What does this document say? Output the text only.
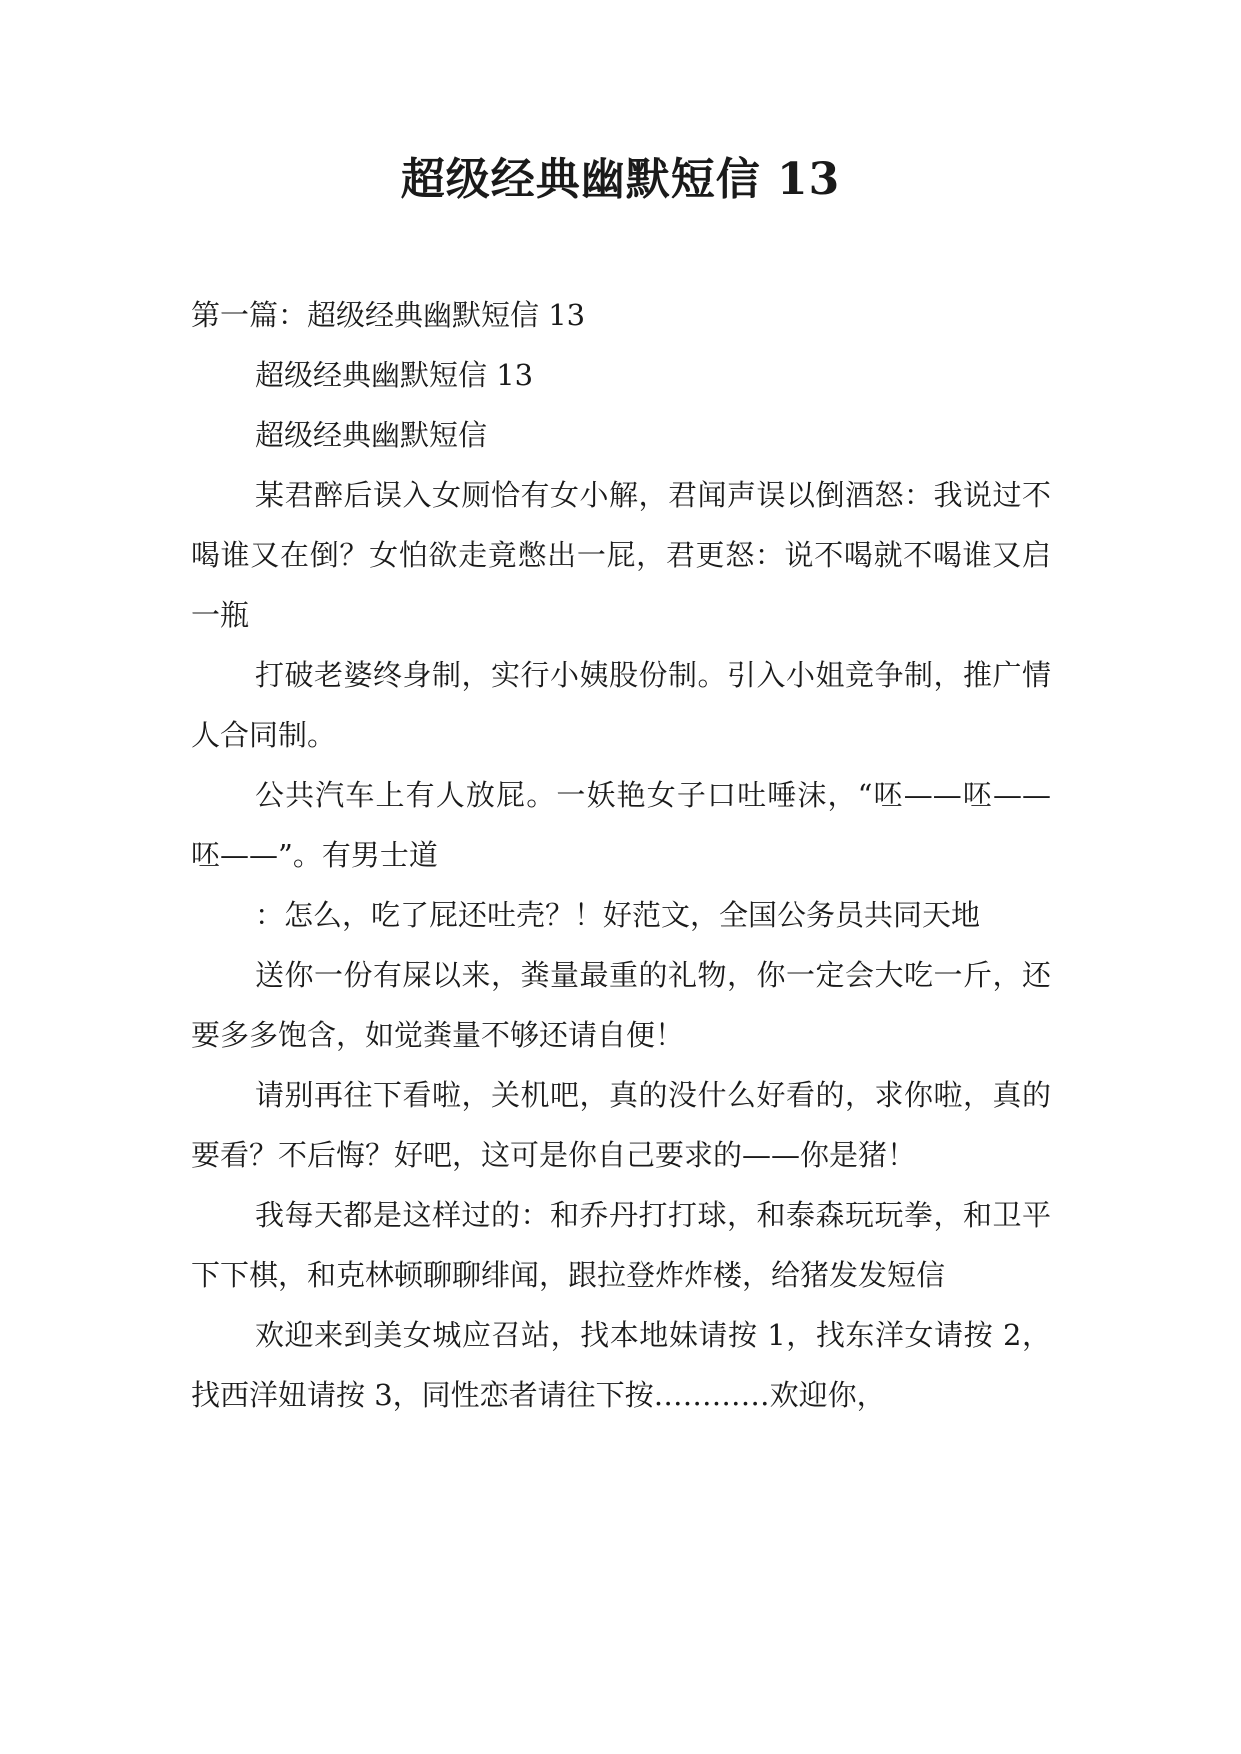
超级经典幽默短信 13

第一篇：超级经典幽默短信 13

超级经典幽默短信 13

超级经典幽默短信

某君醉后误入女厕恰有女小解，君闻声误以倒酒怒：我说过不喝谁又在倒？女怕欲走竟憋出一屁，君更怒：说不喝就不喝谁又启一瓶

打破老婆终身制，实行小姨股份制。引入小姐竞争制，推广情人合同制。

公共汽车上有人放屁。一妖艳女子口吐唾沫，“呸——呸——呸——”。有男士道

：怎么，吃了屁还吐壳？！好范文，全国公务员共同天地

送你一份有屎以来，粪量最重的礼物，你一定会大吃一斤，还要多多饱含，如觉粪量不够还请自便！

请别再往下看啦，关机吧，真的没什么好看的，求你啦，真的要看？不后悔？好吧，这可是你自己要求的——你是猪！

我每天都是这样过的：和乔丹打打球，和泰森玩玩拳，和卫平下下棋，和克林顿聊聊绯闻，跟拉登炸炸楼，给猪发发短信

欢迎来到美女城应召站，找本地妹请按 1，找东洋女请按 2，找西洋妞请按 3，同性恋者请往下按…………欢迎你，
